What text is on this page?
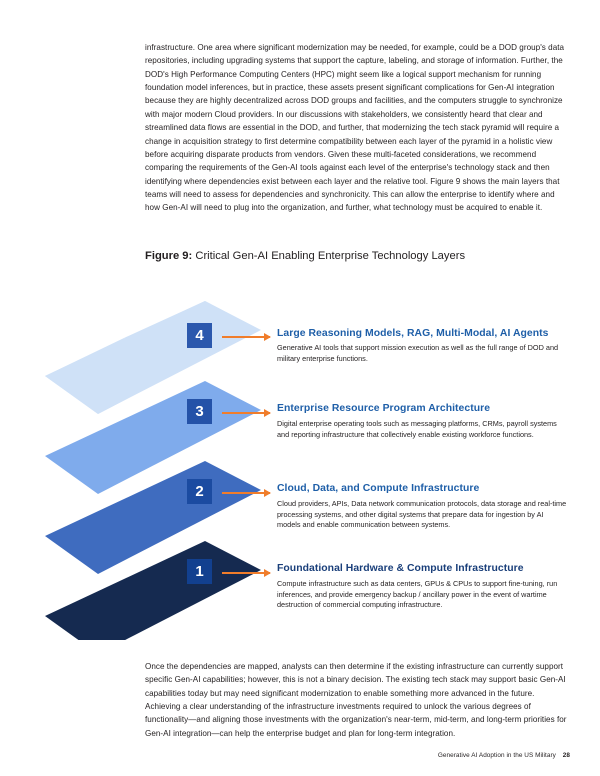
infrastructure. One area where significant modernization may be needed, for example, could be a DOD group's data repositories, including upgrading systems that support the capture, labeling, and storage of information. Further, the DOD's High Performance Computing Centers (HPC) might seem like a logical support mechanism for running foundation model inferences, but in practice, these assets present significant complications for Gen-AI integration because they are highly decentralized across DOD groups and facilities, and the computers struggle to synchronize with major modern Cloud providers. In our discussions with stakeholders, we consistently heard that clear and streamlined data flows are essential in the DOD, and further, that modernizing the tech stack pyramid will require a change in acquisition strategy to first determine compatibility between each layer of the pyramid in a holistic view before acquiring disparate products from vendors. Given these multi-faceted considerations, we recommend comparing the requirements of the Gen-AI tools against each level of the enterprise's technology stack and then identifying where dependencies exist between each layer and the relative tool. Figure 9 shows the main layers that teams will need to assess for dependencies and synchronicity. This can allow the enterprise to identify where and how Gen-AI will need to plug into the organization, and further, what technology must be acquired to enable it.

Figure 9: Critical Gen-AI Enabling Enterprise Technology Layers
4	Large Reasoning Models, RAG, Multi-Modal, AI Agents
Generative AI tools that support mission execution as well as the full range of DOD and military enterprise functions.
3	Enterprise Resource Program Architecture
Digital enterprise operating tools such as messaging platforms, CRMs, payroll systems and reporting infrastructure that collectively enable existing workforce functions.
2	Cloud, Data, and Compute Infrastructure
Cloud providers, APIs, Data network communication protocols, data storage and real-time processing systems, and other digital systems that prepare data for ingestion by AI models and enable communication between systems.
1	Foundational Hardware & Compute Infrastructure
Compute infrastructure such as data centers, GPUs & CPUs to support fine-tuning, run inferences, and provide emergency backup / ancillary power in the event of wartime destruction of commercial computing infrastructure.

Once the dependencies are mapped, analysts can then determine if the existing infrastructure can currently support specific Gen-AI capabilities; however, this is not a binary decision. The existing tech stack may support basic Gen-AI capabilities today but may need significant modernization to enable something more advanced in the future. Achieving a clear understanding of the infrastructure investments required to unlock the various degrees of functionality—and aligning those investments with the organization's near-term, mid-term, and long-term priorities for Gen-AI integration—can help the enterprise budget and plan for long-term integration.

Generative AI Adoption in the US Military 28
